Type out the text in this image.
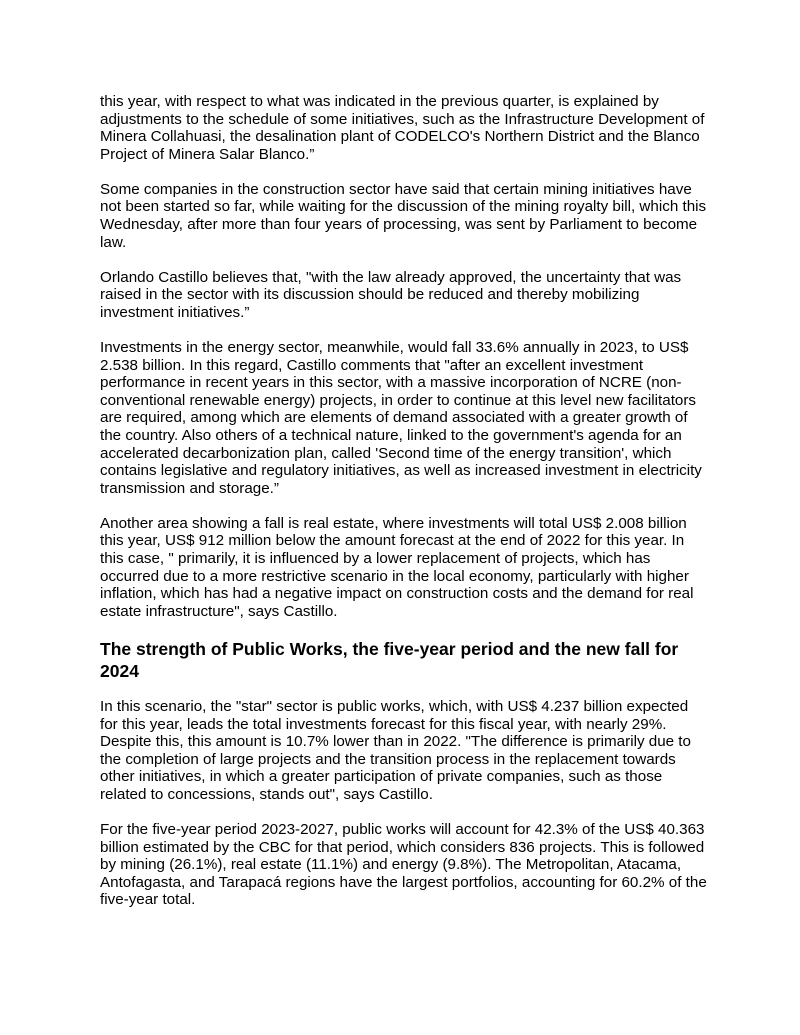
this year, with respect to what was indicated in the previous quarter, is explained by adjustments to the schedule of some initiatives, such as the Infrastructure Development of Minera Collahuasi, the desalination plant of CODELCO's Northern District and the Blanco Project of Minera Salar Blanco.”

Some companies in the construction sector have said that certain mining initiatives have not been started so far, while waiting for the discussion of the mining royalty bill, which this Wednesday, after more than four years of processing, was sent by Parliament to become law.

Orlando Castillo believes that, "with the law already approved, the uncertainty that was raised in the sector with its discussion should be reduced and thereby mobilizing investment initiatives.”

Investments in the energy sector, meanwhile, would fall 33.6% annually in 2023, to US$ 2.538 billion. In this regard, Castillo comments that "after an excellent investment performance in recent years in this sector, with a massive incorporation of NCRE (non-conventional renewable energy) projects, in order to continue at this level new facilitators are required, among which are elements of demand associated with a greater growth of the country. Also others of a technical nature, linked to the government's agenda for an accelerated decarbonization plan, called 'Second time of the energy transition', which contains legislative and regulatory initiatives, as well as increased investment in electricity transmission and storage.”

Another area showing a fall is real estate, where investments will total US$ 2.008 billion this year, US$ 912 million below the amount forecast at the end of 2022 for this year. In this case, " primarily, it is influenced by a lower replacement of projects, which has occurred due to a more restrictive scenario in the local economy, particularly with higher inflation, which has had a negative impact on construction costs and the demand for real estate infrastructure", says Castillo.

The strength of Public Works, the five-year period and the new fall for 2024

In this scenario, the "star" sector is public works, which, with US$ 4.237 billion expected for this year, leads the total investments forecast for this fiscal year, with nearly 29%. Despite this, this amount is 10.7% lower than in 2022. "The difference is primarily due to the completion of large projects and the transition process in the replacement towards other initiatives, in which a greater participation of private companies, such as those related to concessions, stands out", says Castillo.

For the five-year period 2023-2027, public works will account for 42.3% of the US$ 40.363 billion estimated by the CBC for that period, which considers 836 projects. This is followed by mining (26.1%), real estate (11.1%) and energy (9.8%). The Metropolitan, Atacama, Antofagasta, and Tarapacá regions have the largest portfolios, accounting for 60.2% of the five-year total.
